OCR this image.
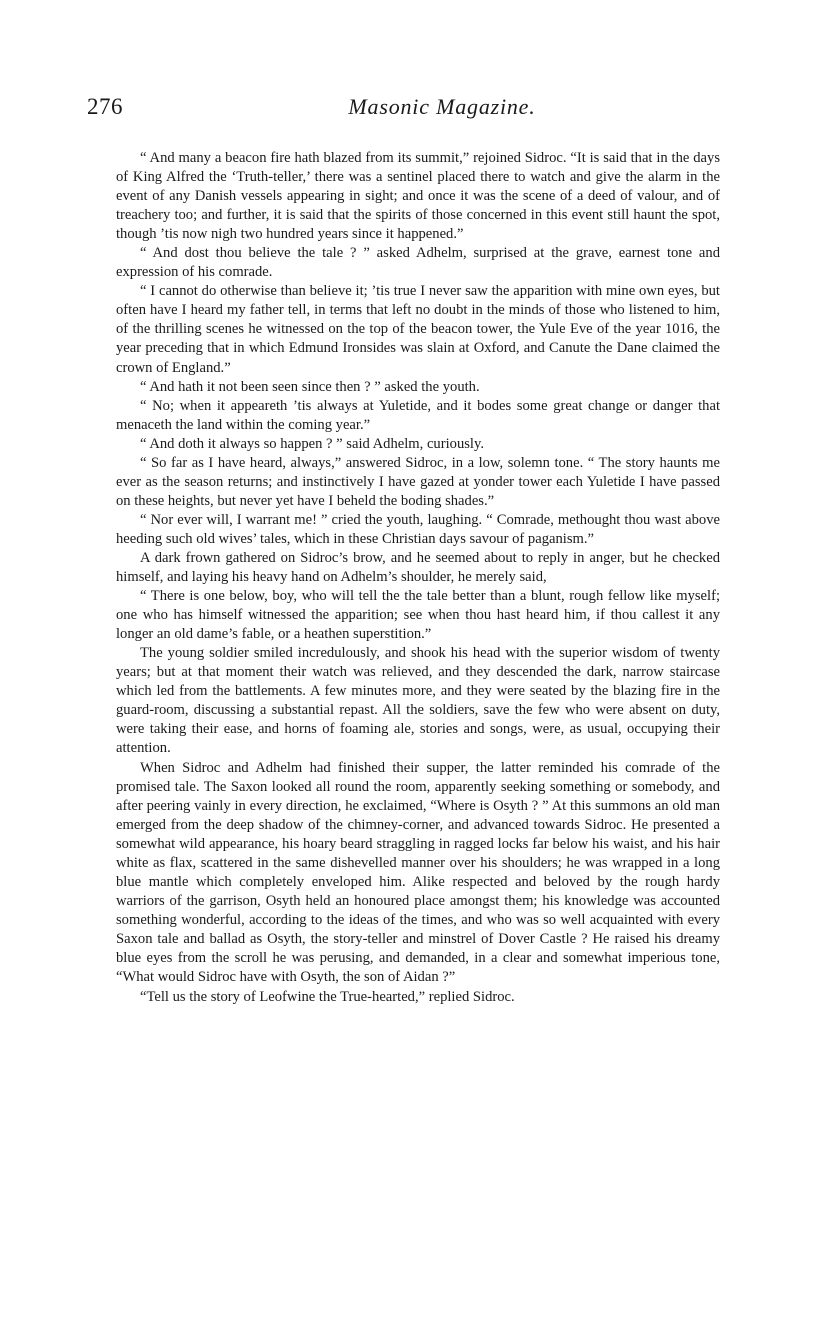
276	Masonic Magazine.

“ And many a beacon fire hath blazed from its summit,” rejoined Sidroc. “It is said that in the days of King Alfred the ‘Truth-teller,’ there was a sentinel placed there to watch and give the alarm in the event of any Danish vessels appearing in sight; and once it was the scene of a deed of valour, and of treachery too; and further, it is said that the spirits of those concerned in this event still haunt the spot, though ’tis now nigh two hundred years since it happened.”

“ And dost thou believe the tale ? ” asked Adhelm, surprised at the grave, earnest tone and expression of his comrade.

“ I cannot do otherwise than believe it; ’tis true I never saw the apparition with mine own eyes, but often have I heard my father tell, in terms that left no doubt in the minds of those who listened to him, of the thrilling scenes he witnessed on the top of the beacon tower, the Yule Eve of the year 1016, the year preceding that in which Edmund Ironsides was slain at Oxford, and Canute the Dane claimed the crown of England.”

“ And hath it not been seen since then ? ” asked the youth.

“ No; when it appeareth ’tis always at Yuletide, and it bodes some great change or danger that menaceth the land within the coming year.”

“ And doth it always so happen ? ” said Adhelm, curiously.

“ So far as I have heard, always,” answered Sidroc, in a low, solemn tone. “ The story haunts me ever as the season returns; and instinctively I have gazed at yonder tower each Yuletide I have passed on these heights, but never yet have I beheld the boding shades.”

“ Nor ever will, I warrant me! ” cried the youth, laughing. “ Comrade, methought thou wast above heeding such old wives’ tales, which in these Christian days savour of paganism.”

A dark frown gathered on Sidroc’s brow, and he seemed about to reply in anger, but he checked himself, and laying his heavy hand on Adhelm’s shoulder, he merely said,

“ There is one below, boy, who will tell the the tale better than a blunt, rough fellow like myself; one who has himself witnessed the apparition; see when thou hast heard him, if thou callest it any longer an old dame’s fable, or a heathen superstition.”

The young soldier smiled incredulously, and shook his head with the superior wisdom of twenty years; but at that moment their watch was relieved, and they descended the dark, narrow staircase which led from the battlements. A few minutes more, and they were seated by the blazing fire in the guard-room, discussing a substantial repast. All the soldiers, save the few who were absent on duty, were taking their ease, and horns of foaming ale, stories and songs, were, as usual, occupying their attention.

When Sidroc and Adhelm had finished their supper, the latter reminded his comrade of the promised tale. The Saxon looked all round the room, apparently seeking something or somebody, and after peering vainly in every direction, he exclaimed, “Where is Osyth ? ” At this summons an old man emerged from the deep shadow of the chimney-corner, and advanced towards Sidroc. He presented a somewhat wild appearance, his hoary beard straggling in ragged locks far below his waist, and his hair white as flax, scattered in the same dishevelled manner over his shoulders; he was wrapped in a long blue mantle which completely enveloped him. Alike respected and beloved by the rough hardy warriors of the garrison, Osyth held an honoured place amongst them; his knowledge was accounted something wonderful, according to the ideas of the times, and who was so well acquainted with every Saxon tale and ballad as Osyth, the story-teller and minstrel of Dover Castle ? He raised his dreamy blue eyes from the scroll he was perusing, and demanded, in a clear and somewhat imperious tone, “What would Sidroc have with Osyth, the son of Aidan ?”

“Tell us the story of Leofwine the True-hearted,” replied Sidroc.
